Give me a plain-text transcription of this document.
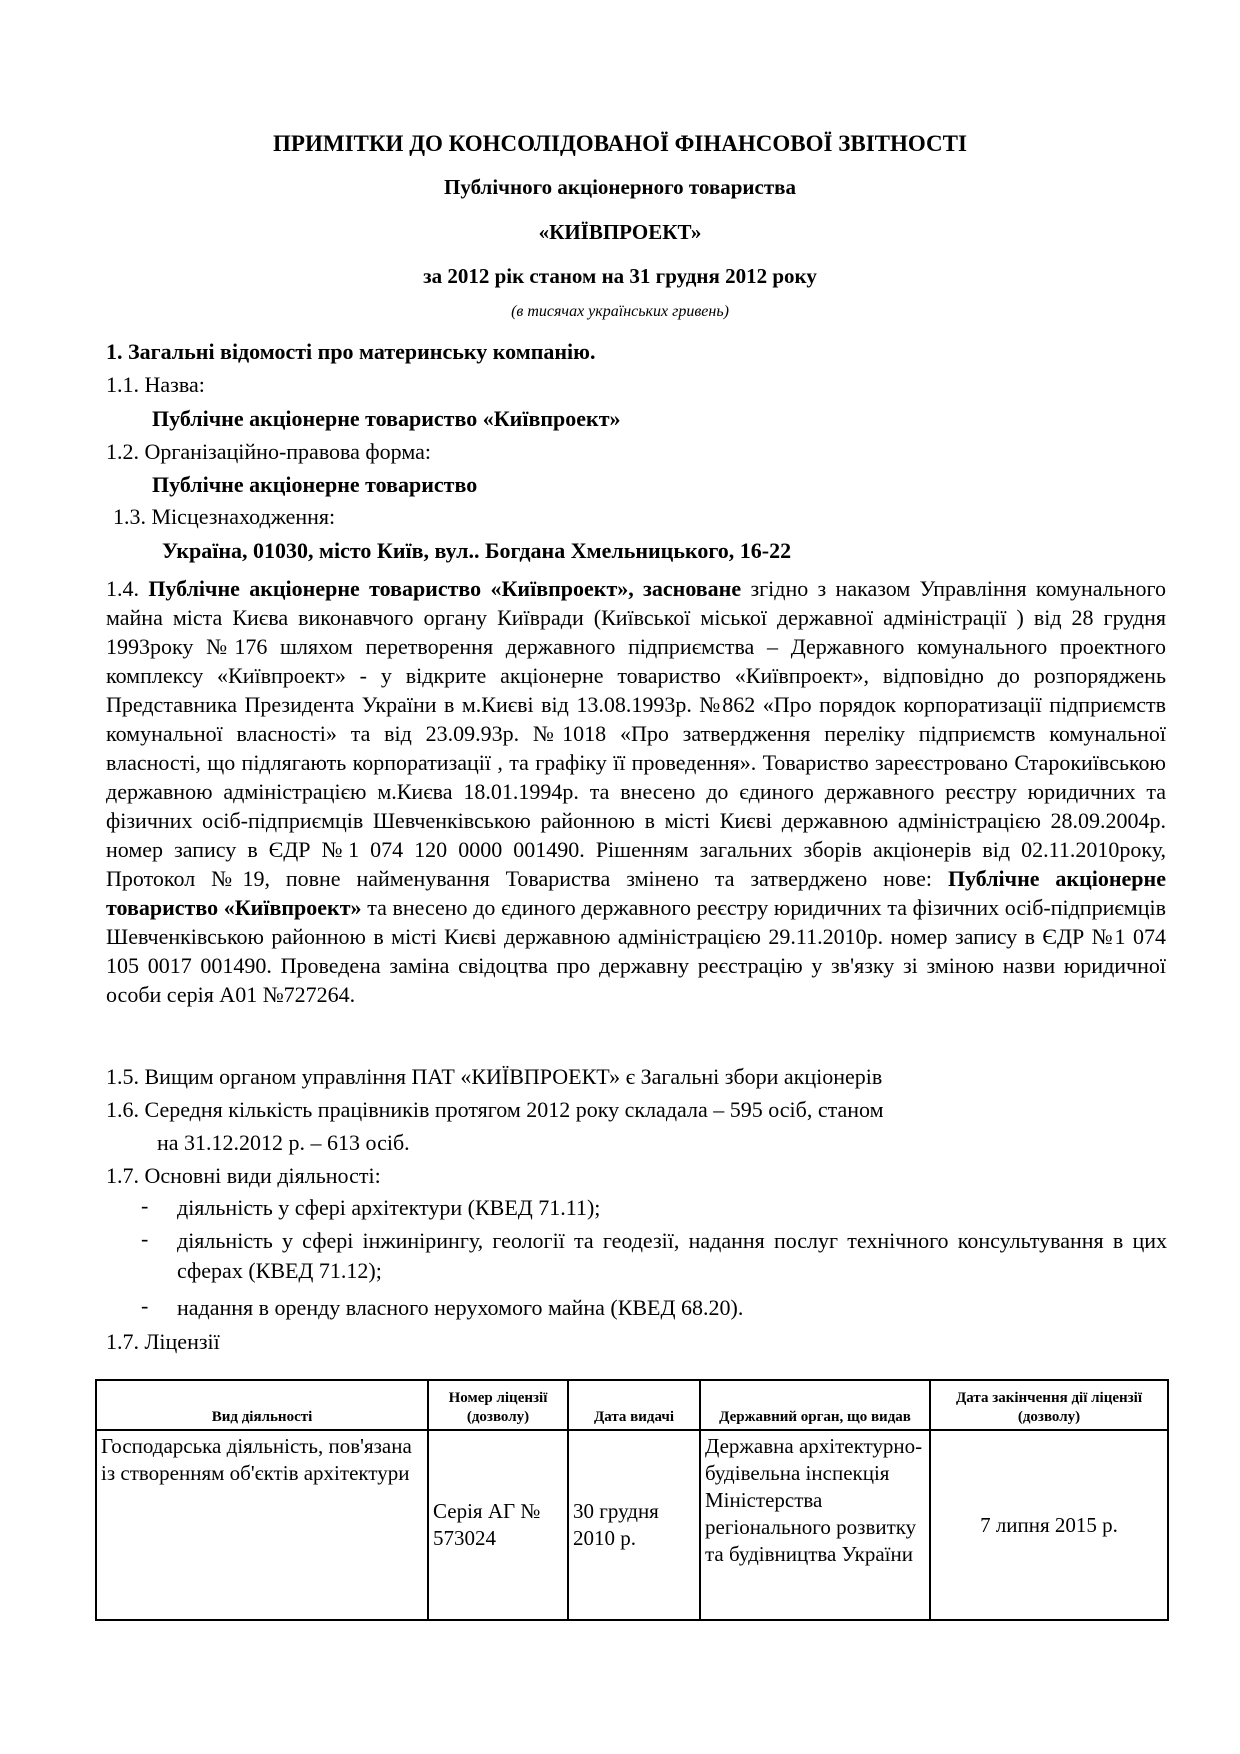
ПРИМІТКИ ДО КОНСОЛІДОВАНОЇ ФІНАНСОВОЇ ЗВІТНОСТІ
Публічного акціонерного товариства
«КИЇВПРОЕКТ»
за 2012 рік станом на 31 грудня 2012 року
(в тисячах українських гривень)
1. Загальні відомості про материнську компанію.
1.1. Назва:
Публічне акціонерне товариство «Київпроект»
1.2. Організаційно-правова форма:
Публічне акціонерне товариство
1.3. Місцезнаходження:
Україна, 01030, місто Київ, вул.. Богдана Хмельницького, 16-22
1.4. Публічне акціонерне товариство «Київпроект», засноване згідно з наказом Управління комунального майна міста Києва виконавчого органу Київради (Київської міської державної адміністрації ) від 28 грудня 1993року №176 шляхом перетворення державного підприємства – Державного комунального проектного комплексу «Київпроект» - у відкрите акціонерне товариство «Київпроект», відповідно до розпоряджень Представника Президента України в м.Києві від 13.08.1993р. №862 «Про порядок корпоратизації підприємств комунальної власності» та від 23.09.93р. №1018 «Про затвердження переліку підприємств комунальної власності, що підлягають корпоратизації , та графіку її проведення». Товариство зареєстровано Старокиївською державною адміністрацією м.Києва 18.01.1994р. та внесено до єдиного державного реєстру юридичних та фізичних осіб-підприємців Шевченківською районною в місті Києві державною адміністрацією 28.09.2004р. номер запису в ЄДР №1 074 120 0000 001490. Рішенням загальних зборів акціонерів від 02.11.2010року, Протокол №19, повне найменування Товариства змінено та затверджено нове: Публічне акціонерне товариство «Київпроект» та внесено до єдиного державного реєстру юридичних та фізичних осіб-підприємців Шевченківською районною в місті Києві державною адміністрацією 29.11.2010р. номер запису в ЄДР №1 074 105 0017 001490. Проведена заміна свідоцтва про державну реєстрацію у зв'язку зі зміною назви юридичної особи серія А01 №727264.
1.5. Вищим органом управління ПАТ «КИЇВПРОЕКТ» є Загальні збори акціонерів
1.6. Середня кількість працівників протягом 2012 року складала – 595 осіб, станом
на 31.12.2012 р. – 613 осіб.
1.7. Основні види діяльності:
- діяльність у сфері архітектури (КВЕД 71.11);
- діяльність у сфері інжинірингу, геології та геодезії, надання послуг технічного консультування в цих сферах (КВЕД 71.12);
- надання в оренду власного нерухомого майна (КВЕД 68.20).
1.7. Ліцензії
Вид діяльності	Номер ліцензії (дозволу)	Дата видачі	Державний орган, що видав	Дата закінчення дії ліцензії (дозволу)
Господарська діяльність, пов'язана із створенням об'єктів архітектури	Серія АГ № 573024	30 грудня 2010 р.	Державна архітектурно-будівельна інспекція Міністерства регіонального розвитку та будівництва України	7 липня 2015 р.
